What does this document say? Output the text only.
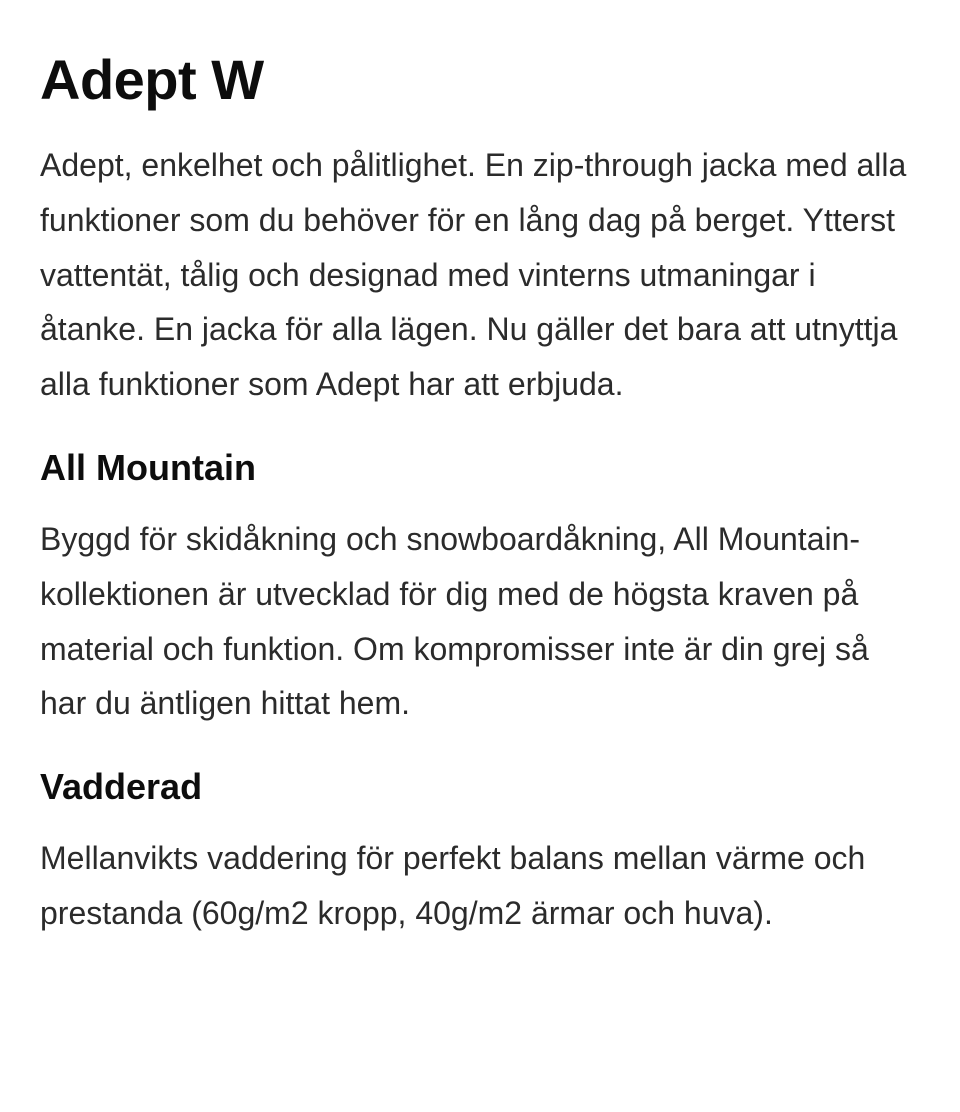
Adept W

Adept, enkelhet och pålitlighet. En zip-through jacka med alla funktioner som du behöver för en lång dag på berget. Ytterst vattentät, tålig och designad med vinterns utmaningar i åtanke. En jacka för alla lägen. Nu gäller det bara att utnyttja alla funktioner som Adept har att erbjuda.

All Mountain

Byggd för skidåkning och snowboardåkning, All Mountain-kollektionen är utvecklad för dig med de högsta kraven på material och funktion. Om kompromisser inte är din grej så har du äntligen hittat hem.

Vadderad

Mellanvikts vaddering för perfekt balans mellan värme och prestanda (60g/m2 kropp, 40g/m2 ärmar och huva).
